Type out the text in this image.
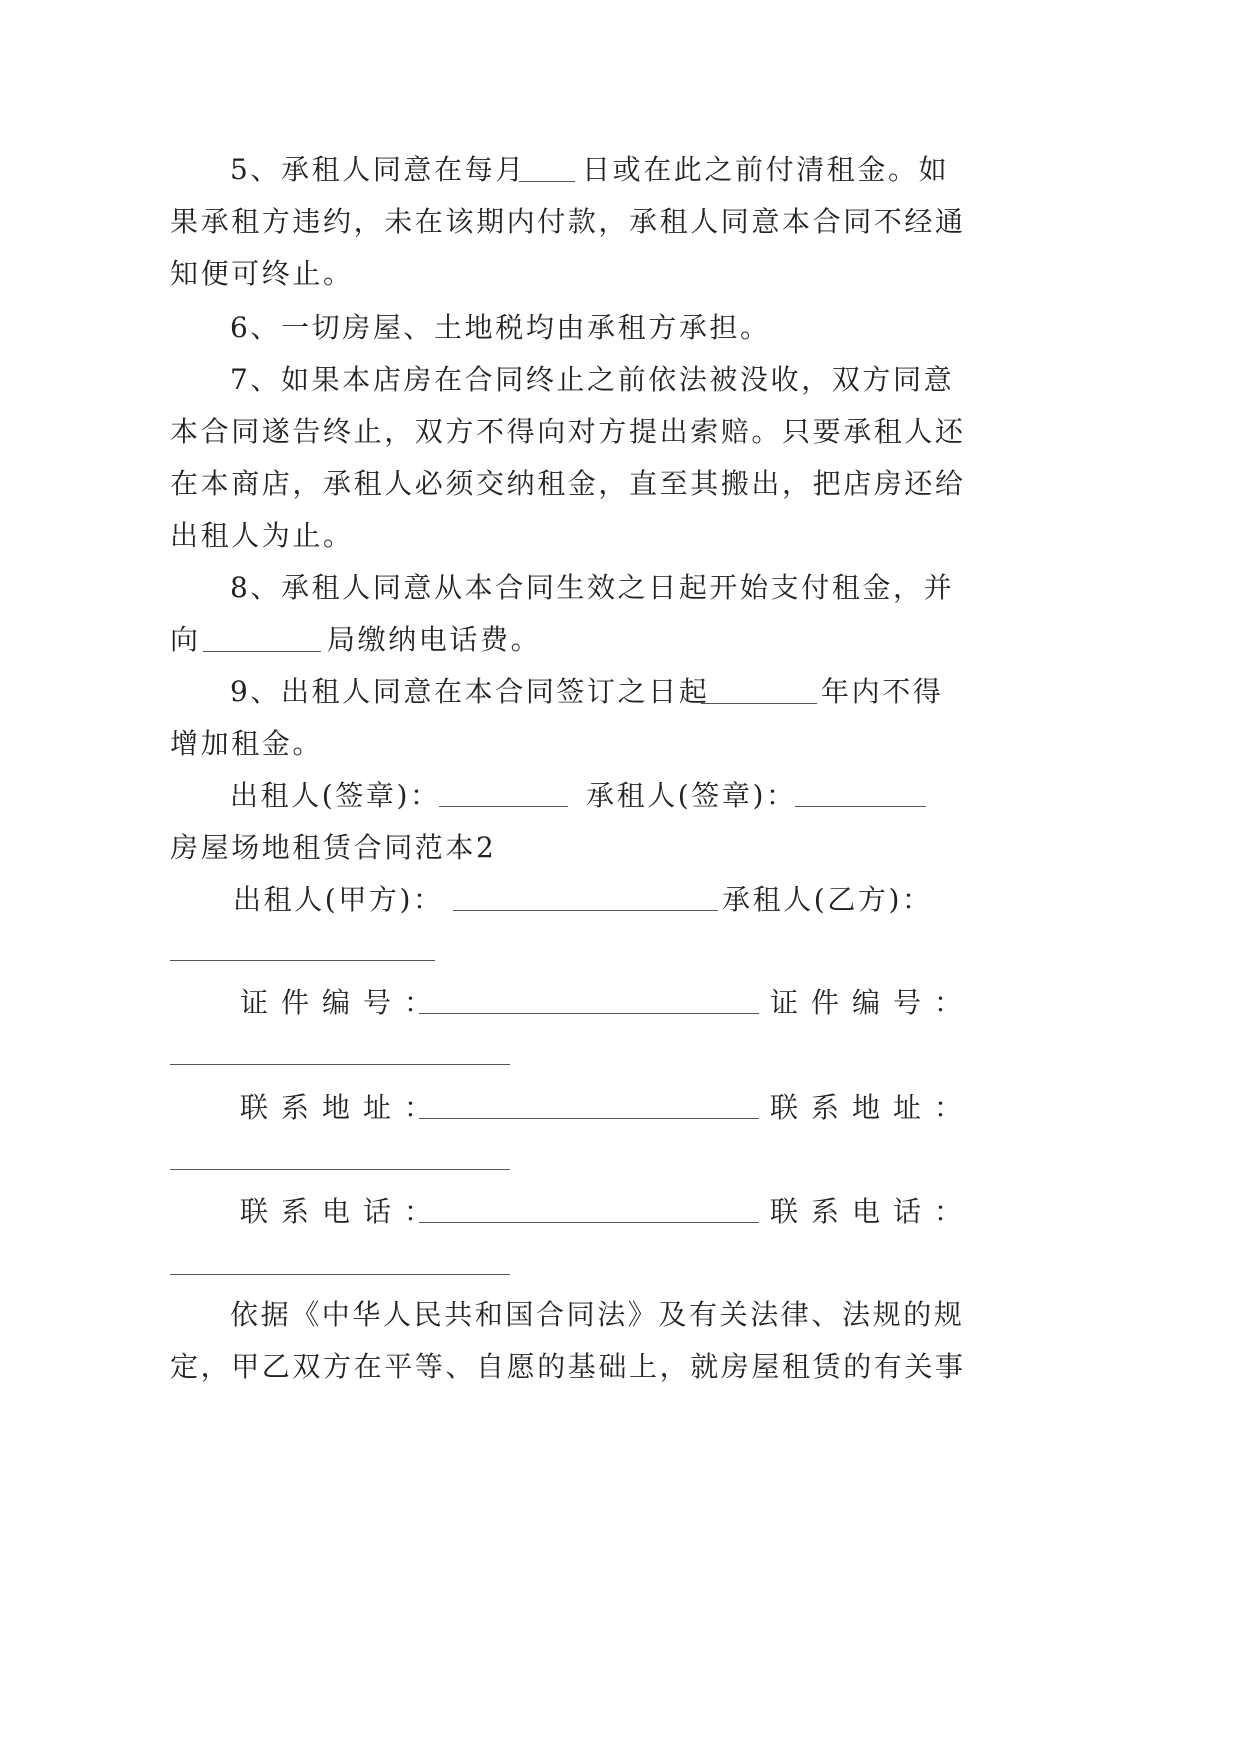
5、承租人同意在每月 日或在此之前付清租金。如
果承租方违约，未在该期内付款，承租人同意本合同不经通
知便可终止。
6、一切房屋、土地税均由承租方承担。
7、如果本店房在合同终止之前依法被没收，双方同意
本合同遂告终止，双方不得向对方提出索赔。只要承租人还
在本商店，承租人必须交纳租金，直至其搬出，把店房还给
出租人为止。
8、承租人同意从本合同生效之日起开始支付租金，并
向	局缴纳电话费。
9、出租人同意在本合同签订之日起	年内不得
增加租金。
出租人(签章)：	承租人(签章)：
房屋场地租赁合同范本2
出租人(甲方)：	承租人(乙方)：
证件编号：	证件编号：
联系地址：	联系地址：
联系电话：	联系电话：
依据《中华人民共和国合同法》及有关法律、法规的规
定，甲乙双方在平等、自愿的基础上，就房屋租赁的有关事
